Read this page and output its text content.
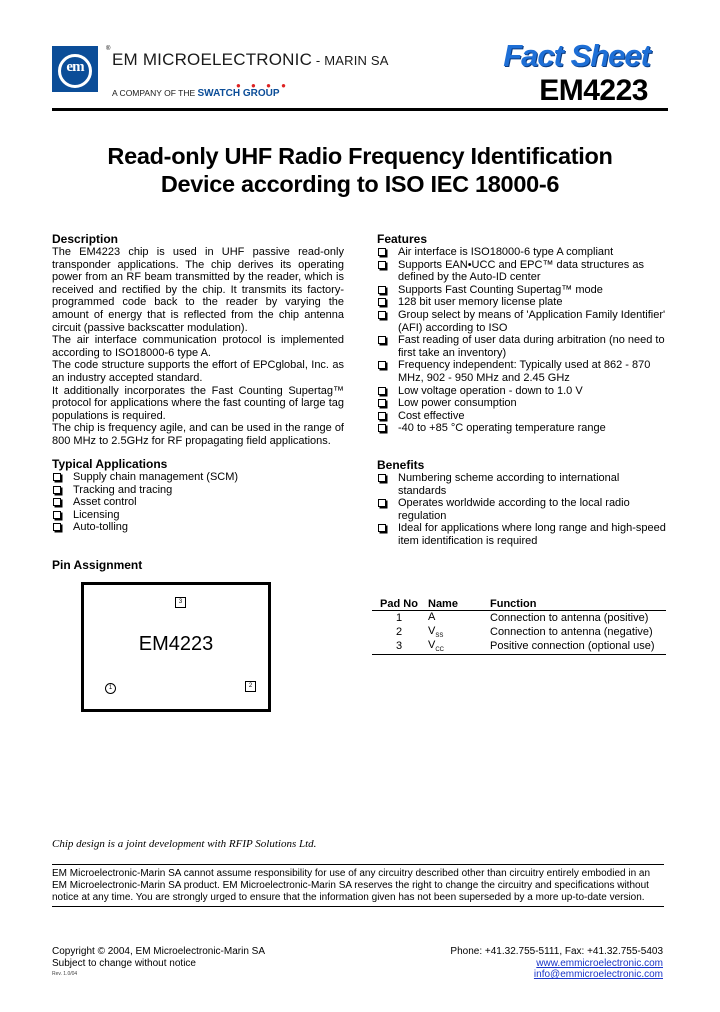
em	EM MICROELECTRONIC - MARIN SA
®
● ● ● ●
A COMPANY OF THE SWATCH GROUP
Fact Sheet
EM4223
Read-only UHF Radio Frequency Identification
Device according to ISO IEC 18000-6
Description
The EM4223 chip is used in UHF passive read-only transponder applications. The chip derives its operating power from an RF beam transmitted by the reader, which is received and rectified by the chip. It transmits its factory-programmed code back to the reader by varying the amount of energy that is reflected from the chip antenna circuit (passive backscatter modulation).
The air interface communication protocol is implemented according to ISO18000-6 type A.
The code structure supports the effort of EPCglobal, Inc. as an industry accepted standard.
It additionally incorporates the Fast Counting Supertag™ protocol for applications where the fast counting of large tag populations is required.
The chip is frequency agile, and can be used in the range of 800 MHz to 2.5GHz for RF propagating field applications.
Features
Air interface is ISO18000-6 type A compliant
Supports EAN•UCC and EPC™ data structures as defined by the Auto-ID center
Supports Fast Counting Supertag™ mode
128 bit user memory license plate
Group select by means of 'Application Family Identifier' (AFI) according to ISO
Fast reading of user data during arbitration (no need to first take an inventory)
Frequency independent: Typically used at 862 - 870 MHz, 902 - 950 MHz and 2.45 GHz
Low voltage operation - down to 1.0 V
Low power consumption
Cost effective
-40 to +85 °C operating temperature range
Typical Applications
Supply chain management (SCM)
Tracking and tracing
Asset control
Licensing
Auto-tolling
Benefits
Numbering scheme according to international standards
Operates worldwide according to the local radio regulation
Ideal for applications where long range and high-speed item identification is required
Pin Assignment
EM4223
3
1	2
Pad No	Name	Function
1	A	Connection to antenna (positive)
2	$V_{SS}$	Connection to antenna (negative)
3	$V_{CC}$	Positive connection (optional use)
Chip design is a joint development with RFIP Solutions Ltd.
EM Microelectronic-Marin SA cannot assume responsibility for use of any circuitry described other than circuitry entirely embodied in an EM Microelectronic-Marin SA product. EM Microelectronic-Marin SA reserves the right to change the circuitry and specifications without notice at any time. You are strongly urged to ensure that the information given has not been superseded by a more up-to-date version.
Copyright © 2004, EM Microelectronic-Marin SA
Subject to change without notice
Rev. 1.0/04
Phone: +41.32.755-5111, Fax: +41.32.755-5403
www.emmicroelectronic.com
info@emmicroelectronic.com
